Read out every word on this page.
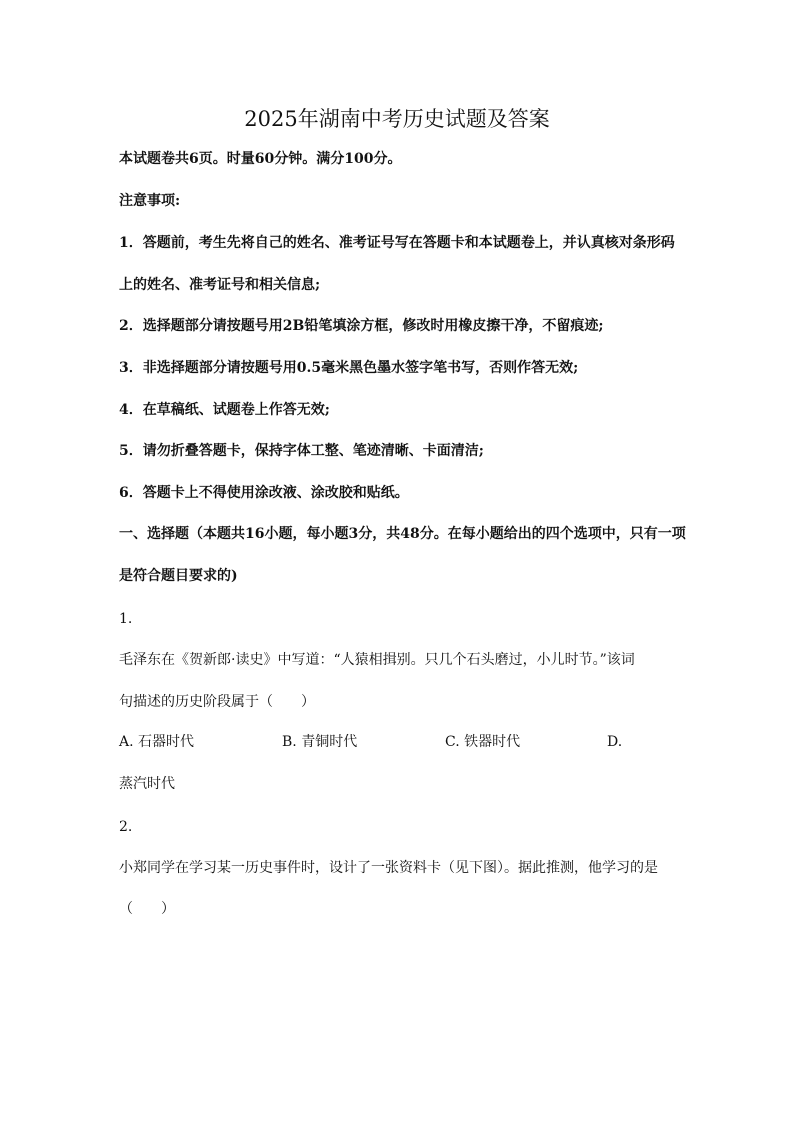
2025年湖南中考历史试题及答案
本试题卷共6页。时量60分钟。满分100分。
注意事项:
1．答题前，考生先将自己的姓名、准考证号写在答题卡和本试题卷上，并认真核对条形码
上的姓名、准考证号和相关信息;
2．选择题部分请按题号用2B铅笔填涂方框，修改时用橡皮擦干净，不留痕迹;
3．非选择题部分请按题号用0.5毫米黑色墨水签字笔书写，否则作答无效;
4．在草稿纸、试题卷上作答无效;
5．请勿折叠答题卡，保持字体工整、笔迹清晰、卡面清洁;
6．答题卡上不得使用涂改液、涂改胶和贴纸。
一、选择题（本题共16小题，每小题3分，共48分。在每小题给出的四个选项中，只有一项
是符合题目要求的)
1.
毛泽东在《贺新郎·读史》中写道：“人猿相揖别。只几个石头磨过，小儿时节。”该词
句描述的历史阶段属于（　　）
A. 石器时代	B. 青铜时代	C. 铁器时代	D.
蒸汽时代
2.
小郑同学在学习某一历史事件时，设计了一张资料卡（见下图）。据此推测，他学习的是
（　　）
